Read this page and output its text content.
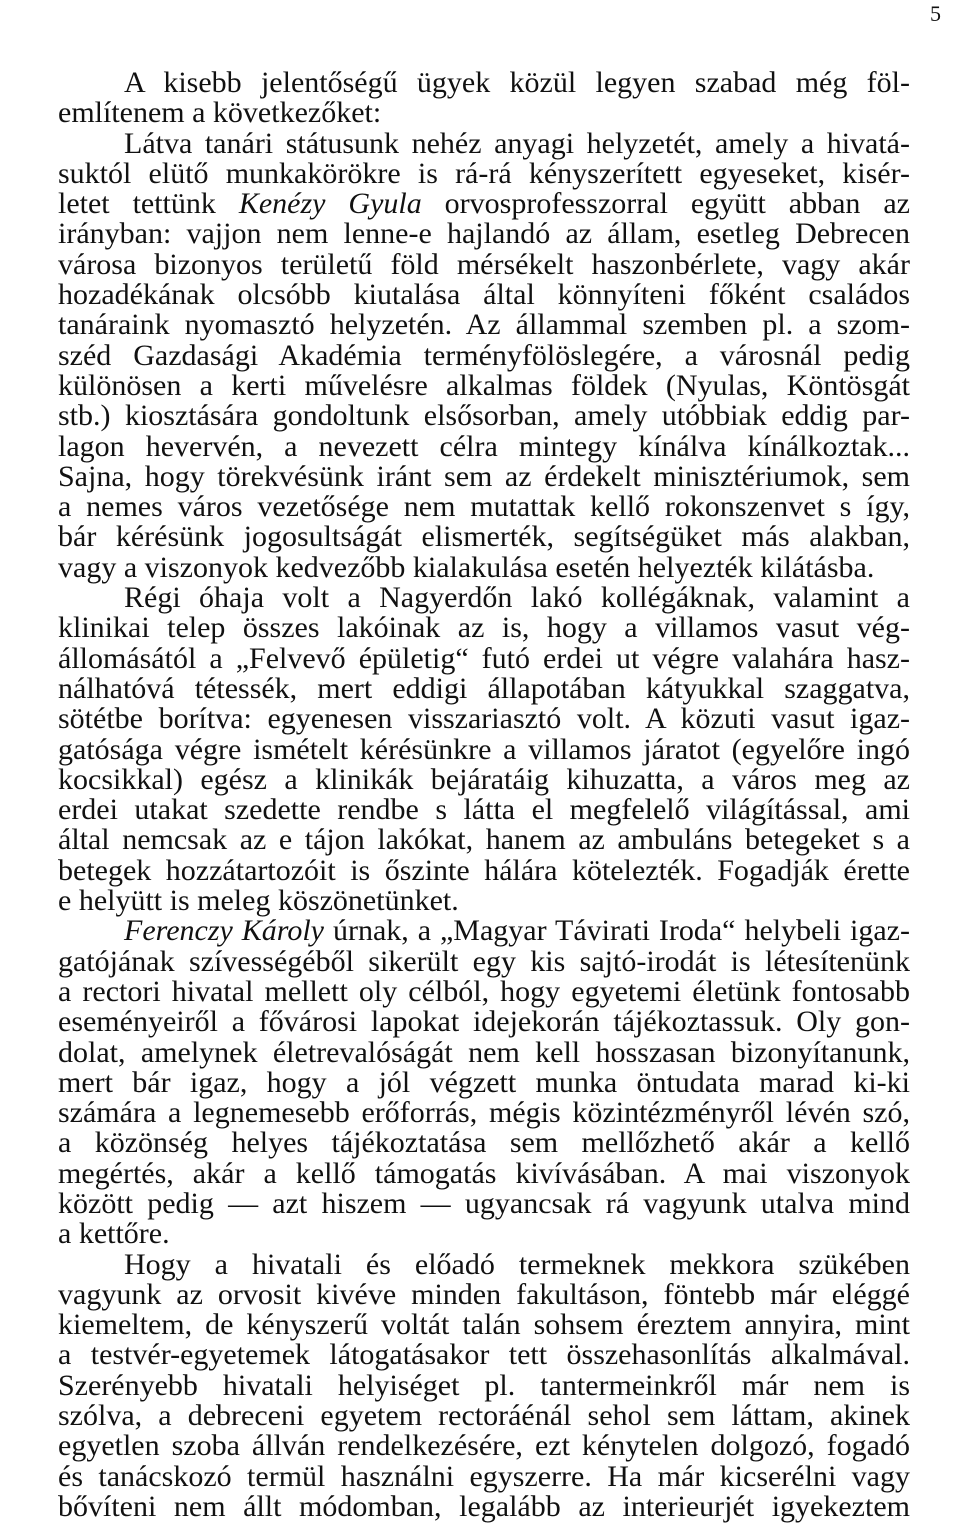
5
A kisebb jelentőségű ügyek közül legyen szabad még föl-
említenem a következőket:
Látva tanári státusunk nehéz anyagi helyzetét, amely a hivatá-
suktól elütő munkakörökre is rá-rá kényszerített egyeseket, kisér-
letet tettünk Kenézy Gyula orvosprofesszorral együtt abban az
irányban: vajjon nem lenne-e hajlandó az állam, esetleg Debrecen
városa bizonyos területű föld mérsékelt haszonbérlete, vagy akár
hozadékának olcsóbb kiutalása által könnyíteni főként családos
tanáraink nyomasztó helyzetén. Az állammal szemben pl. a szom-
széd Gazdasági Akadémia terményfölöslegére, a városnál pedig
különösen a kerti művelésre alkalmas földek (Nyulas, Köntösgát
stb.) kiosztására gondoltunk elsősorban, amely utóbbiak eddig par-
lagon hevervén, a nevezett célra mintegy kínálva kínálkoztak...
Sajna, hogy törekvésünk iránt sem az érdekelt minisztériumok, sem
a nemes város vezetősége nem mutattak kellő rokonszenvet s így,
bár kérésünk jogosultságát elismerték, segítségüket más alakban,
vagy a viszonyok kedvezőbb kialakulása esetén helyezték kilátásba.
Régi óhaja volt a Nagyerdőn lakó kollégáknak, valamint a
klinikai telep összes lakóinak az is, hogy a villamos vasut vég-
állomásától a „Felvevő épületig“ futó erdei ut végre valahára hasz-
nálhatóvá tétessék, mert eddigi állapotában kátyukkal szaggatva,
sötétbe borítva: egyenesen visszariasztó volt. A közuti vasut igaz-
gatósága végre ismételt kérésünkre a villamos járatot (egyelőre ingó
kocsikkal) egész a klinikák bejáratáig kihuzatta, a város meg az
erdei utakat szedette rendbe s látta el megfelelő világítással, ami
által nemcsak az e tájon lakókat, hanem az ambuláns betegeket s a
betegek hozzátartozóit is őszinte hálára kötelezték. Fogadják érette
e helyütt is meleg köszönetünket.
Ferenczy Károly úrnak, a „Magyar Távirati Iroda“ helybeli igaz-
gatójának szívességéből sikerült egy kis sajtó-irodát is létesítenünk
a rectori hivatal mellett oly célból, hogy egyetemi életünk fontosabb
eseményeiről a fővárosi lapokat idejekorán tájékoztassuk. Oly gon-
dolat, amelynek életrevalóságát nem kell hosszasan bizonyítanunk,
mert bár igaz, hogy a jól végzett munka öntudata marad ki-ki
számára a legnemesebb erőforrás, mégis közintézményről lévén szó,
a közönség helyes tájékoztatása sem mellőzhető akár a kellő
megértés, akár a kellő támogatás kivívásában. A mai viszonyok
között pedig — azt hiszem — ugyancsak rá vagyunk utalva mind
a kettőre.
Hogy a hivatali és előadó termeknek mekkora szükében
vagyunk az orvosit kivéve minden fakultáson, föntebb már eléggé
kiemeltem, de kényszerű voltát talán sohsem éreztem annyira, mint
a testvér-egyetemek látogatásakor tett összehasonlítás alkalmával.
Szerényebb hivatali helyiséget pl. tantermeinkről már nem is
szólva, a debreceni egyetem rectoráénál sehol sem láttam, akinek
egyetlen szoba állván rendelkezésére, ezt kénytelen dolgozó, fogadó
és tanácskozó termül használni egyszerre. Ha már kicserélni vagy
bővíteni nem állt módomban, legalább az interieurjét igyekeztem
